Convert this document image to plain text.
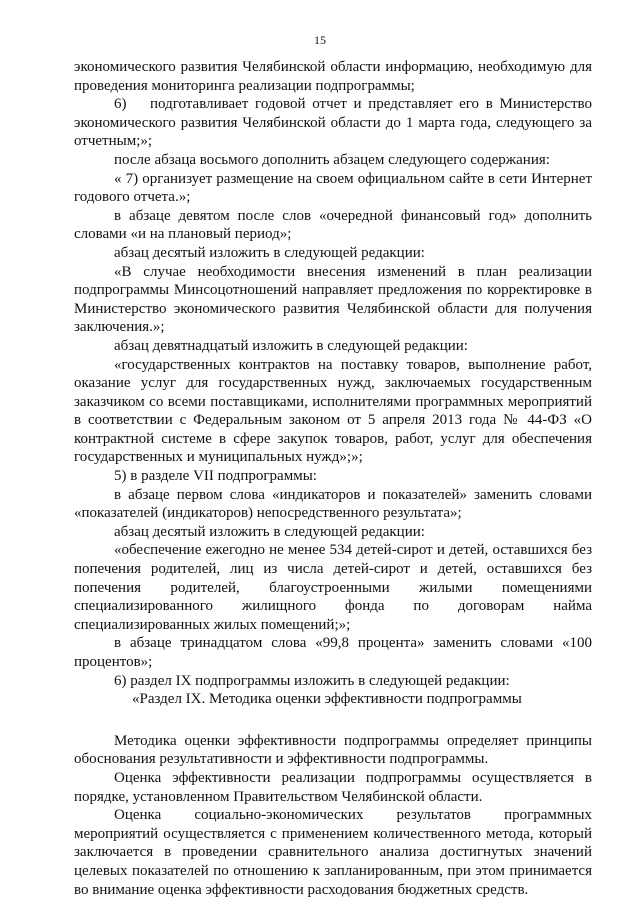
15

экономического развития Челябинской области информацию, необходимую для проведения мониторинга реализации подпрограммы;

6) подготавливает годовой отчет и представляет его в Министерство экономического развития Челябинской области до 1 марта года, следующего за отчетным;»;

после абзаца восьмого дополнить абзацем следующего содержания:

« 7) организует размещение на своем официальном сайте в сети Интернет годового отчета.»;

в абзаце девятом после слов «очередной финансовый год» дополнить словами «и на плановый период»;

абзац десятый изложить в следующей редакции:

«В случае необходимости внесения изменений в план реализации подпрограммы Минсоцотношений направляет предложения по корректировке в Министерство экономического развития Челябинской области для получения заключения.»;

абзац девятнадцатый изложить в следующей редакции:

«государственных контрактов на поставку товаров, выполнение работ, оказание услуг для государственных нужд, заключаемых государственным заказчиком со всеми поставщиками, исполнителями программных мероприятий в соответствии с Федеральным законом от 5 апреля 2013 года № 44-ФЗ «О контрактной системе в сфере закупок товаров, работ, услуг для обеспечения государственных и муниципальных нужд»;»;

5) в разделе VII подпрограммы:

в абзаце первом слова «индикаторов и показателей» заменить словами «показателей (индикаторов) непосредственного результата»;

абзац десятый изложить в следующей редакции:

«обеспечение ежегодно не менее 534 детей-сирот и детей, оставшихся без попечения родителей, лиц из числа детей-сирот и детей, оставшихся без попечения родителей, благоустроенными жилыми помещениями специализированного жилищного фонда по договорам найма специализированных жилых помещений;»;

в абзаце тринадцатом слова «99,8 процента» заменить словами «100 процентов»;

6) раздел IX подпрограммы изложить в следующей редакции:

«Раздел IX. Методика оценки эффективности подпрограммы

Методика оценки эффективности подпрограммы определяет принципы обоснования результативности и эффективности подпрограммы.

Оценка эффективности реализации подпрограммы осуществляется в порядке, установленном Правительством Челябинской области.

Оценка социально-экономических результатов программных мероприятий осуществляется с применением количественного метода, который заключается в проведении сравнительного анализа достигнутых значений целевых показателей по отношению к запланированным, при этом принимается во внимание оценка эффективности расходования бюджетных средств.
